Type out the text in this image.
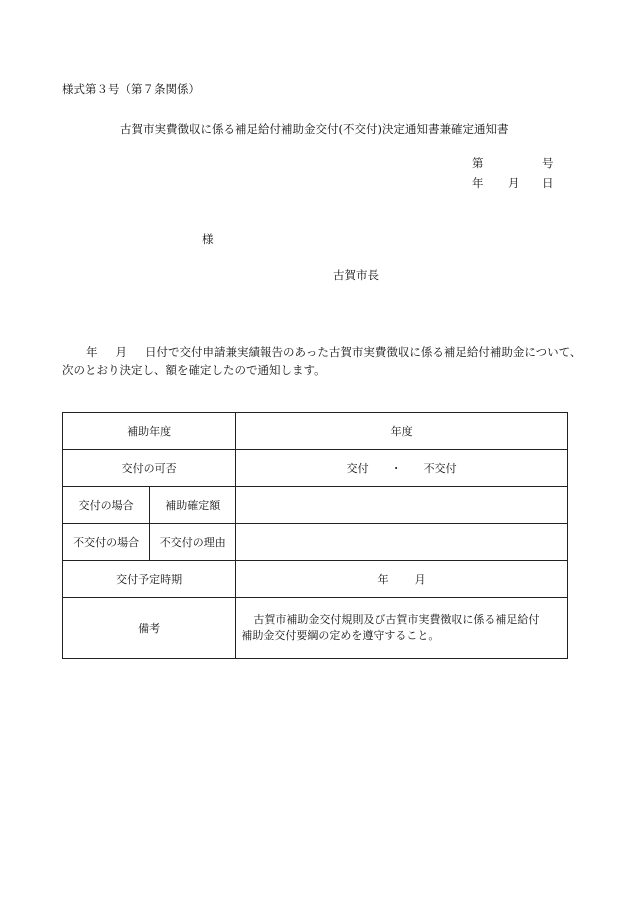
様式第３号（第７条関係）
古賀市実費徴収に係る補足給付補助金交付(不交付)決定通知書兼確定通知書
第	号
年 月 日
様
古賀市長
年 月 日付で交付申請兼実績報告のあった古賀市実費徴収に係る補足給付補助金について、
次のとおり決定し、額を確定したので通知します。
補助年度		年度
交付の可否		交付 ・ 不交付
交付の場合	補助確定額	
不交付の場合	不交付の理由	
交付予定時期		年 月
備考		古賀市補助金交付規則及び古賀市実費徴収に係る補足給付
補助金交付要綱の定めを遵守すること。
